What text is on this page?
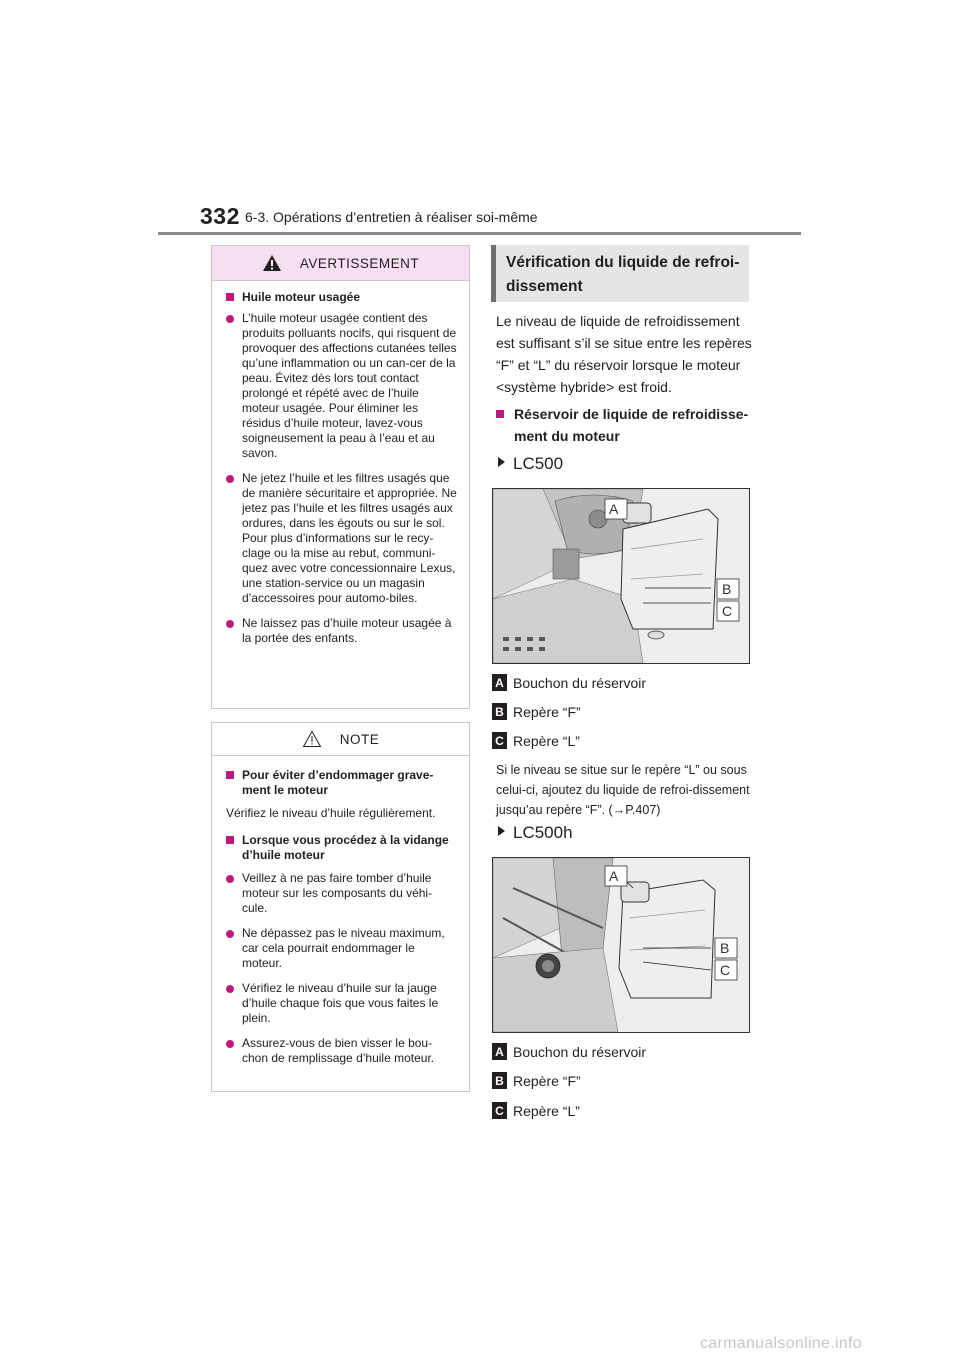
332 6-3. Opérations d’entretien à réaliser soi-même
AVERTISSEMENT
Huile moteur usagée
L’huile moteur usagée contient des produits polluants nocifs, qui risquent de provoquer des affections cutanées telles qu’une inflammation ou un can-cer de la peau. Évitez dès lors tout contact prolongé et répété avec de l’huile moteur usagée. Pour éliminer les résidus d’huile moteur, lavez-vous soigneusement la peau à l’eau et au savon.
Ne jetez l’huile et les filtres usagés que de manière sécuritaire et appropriée. Ne jetez pas l’huile et les filtres usagés aux ordures, dans les égouts ou sur le sol.
Pour plus d’informations sur le recy-clage ou la mise au rebut, communi-quez avec votre concessionnaire Lexus, une station-service ou un magasin d’accessoires pour automo-biles.
Ne laissez pas d’huile moteur usagée à la portée des enfants.
NOTE
Pour éviter d’endommager grave-ment le moteur
Vérifiez le niveau d’huile régulièrement.
Lorsque vous procédez à la vidange d’huile moteur
Veillez à ne pas faire tomber d’huile moteur sur les composants du véhi-cule.
Ne dépassez pas le niveau maximum, car cela pourrait endommager le moteur.
Vérifiez le niveau d’huile sur la jauge d’huile chaque fois que vous faites le plein.
Assurez-vous de bien visser le bou-chon de remplissage d’huile moteur.
Vérification du liquide de refroi-dissement
Le niveau de liquide de refroidissement est suffisant s’il se situe entre les repères “F” et “L” du réservoir lorsque le moteur <système hybride> est froid.
Réservoir de liquide de refroidisse-ment du moteur
LC500
A
B
C
A Bouchon du réservoir
B Repère “F”
C Repère “L”
Si le niveau se situe sur le repère “L” ou sous celui-ci, ajoutez du liquide de refroi-dissement jusqu’au repère “F”. (→P.407)
LC500h
A
B
C
A Bouchon du réservoir
B Repère “F”
C Repère “L”
carmanualsonline.info
